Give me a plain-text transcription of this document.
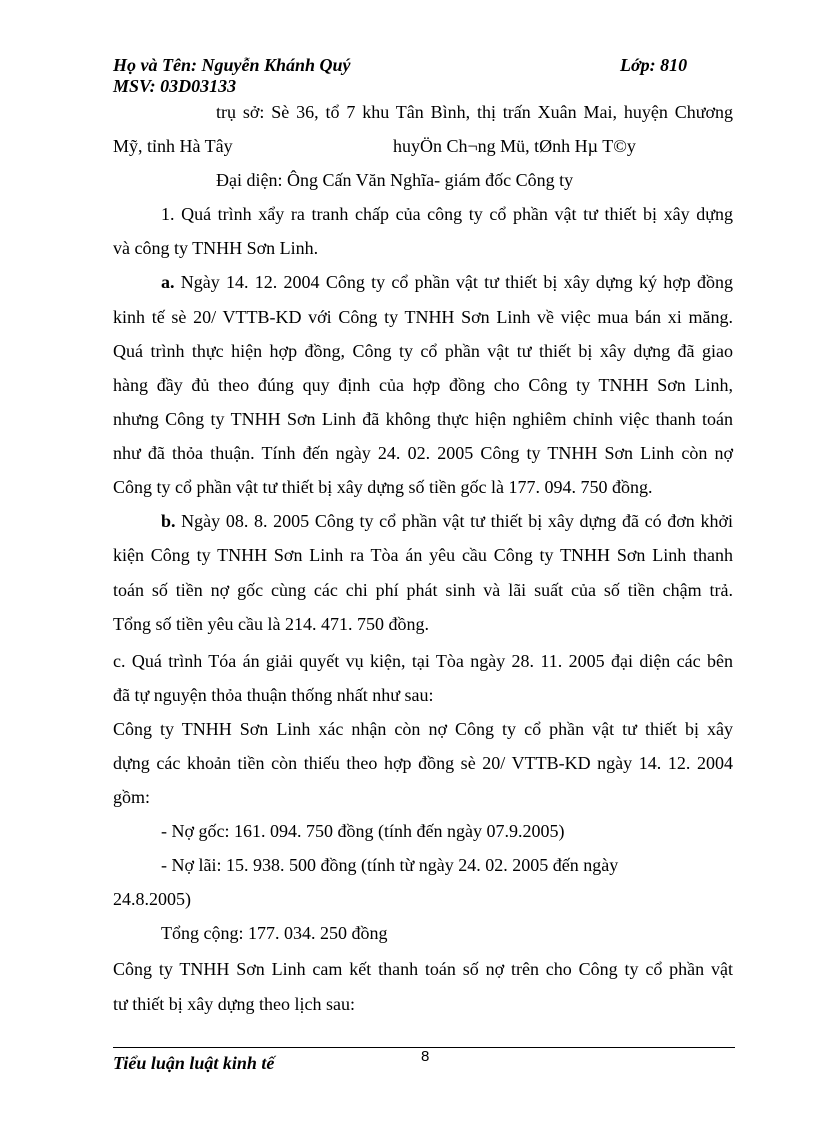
Họ và Tên: Nguyễn Khánh Quý	Lớp: 810
MSV: 03D03133
trụ sở: Sè 36, tổ 7 khu Tân Bình, thị trấn Xuân Mai, huyện Chương
Mỹ, tỉnh Hà Tây	huyÖn Ch¬ng Mü, tØnh Hµ T©y
Đại diện: Ông Cấn Văn Nghĩa- giám đốc Công ty
1. Quá trình xẩy ra tranh chấp của công ty cổ phần vật tư thiết bị xây dựng
và công ty TNHH Sơn Linh.
a. Ngày 14. 12. 2004 Công ty cổ phần vật tư thiết bị xây dựng ký hợp đồng
kinh tế sè 20/ VTTB-KD với Công ty TNHH Sơn Linh về việc mua bán xi măng.
Quá trình thực hiện hợp đồng, Công ty cổ phần vật tư thiết bị xây dựng đã giao
hàng đầy đủ theo đúng quy định của hợp đồng cho Công ty TNHH Sơn Linh,
nhưng Công ty TNHH Sơn Linh đã không thực hiện nghiêm chỉnh việc thanh toán
như đã thỏa thuận. Tính đến ngày 24. 02. 2005 Công ty TNHH Sơn Linh còn nợ
Công ty cổ phần vật tư thiết bị xây dựng số tiền gốc là 177. 094. 750 đồng.
b. Ngày 08. 8. 2005 Công ty cổ phần vật tư thiết bị xây dựng đã có đơn khởi
kiện Công ty TNHH Sơn Linh ra Tòa án yêu cầu Công ty TNHH Sơn Linh thanh
toán số tiền nợ gốc cùng các chi phí phát sinh và lãi suất của số tiền chậm trả.
Tổng số tiền yêu cầu là 214. 471. 750 đồng.
c. Quá trình Tóa án giải quyết vụ kiện, tại Tòa ngày 28. 11. 2005 đại diện các bên
đã tự nguyện thỏa thuận thống nhất như sau:
Công ty TNHH Sơn Linh xác nhận còn nợ Công ty cổ phần vật tư thiết bị xây
dựng các khoản tiền còn thiếu theo hợp đồng sè 20/ VTTB-KD ngày 14. 12. 2004
gồm:
- Nợ gốc: 161. 094. 750 đồng (tính đến ngày 07.9.2005)
- Nợ lãi: 15. 938. 500 đồng (tính từ ngày 24. 02. 2005 đến ngày
24.8.2005)
Tổng cộng: 177. 034. 250 đồng
Công ty TNHH Sơn Linh cam kết thanh toán số nợ trên cho Công ty cổ phần vật
tư thiết bị xây dựng theo lịch sau:
Tiểu luận luật kinh tế	8
